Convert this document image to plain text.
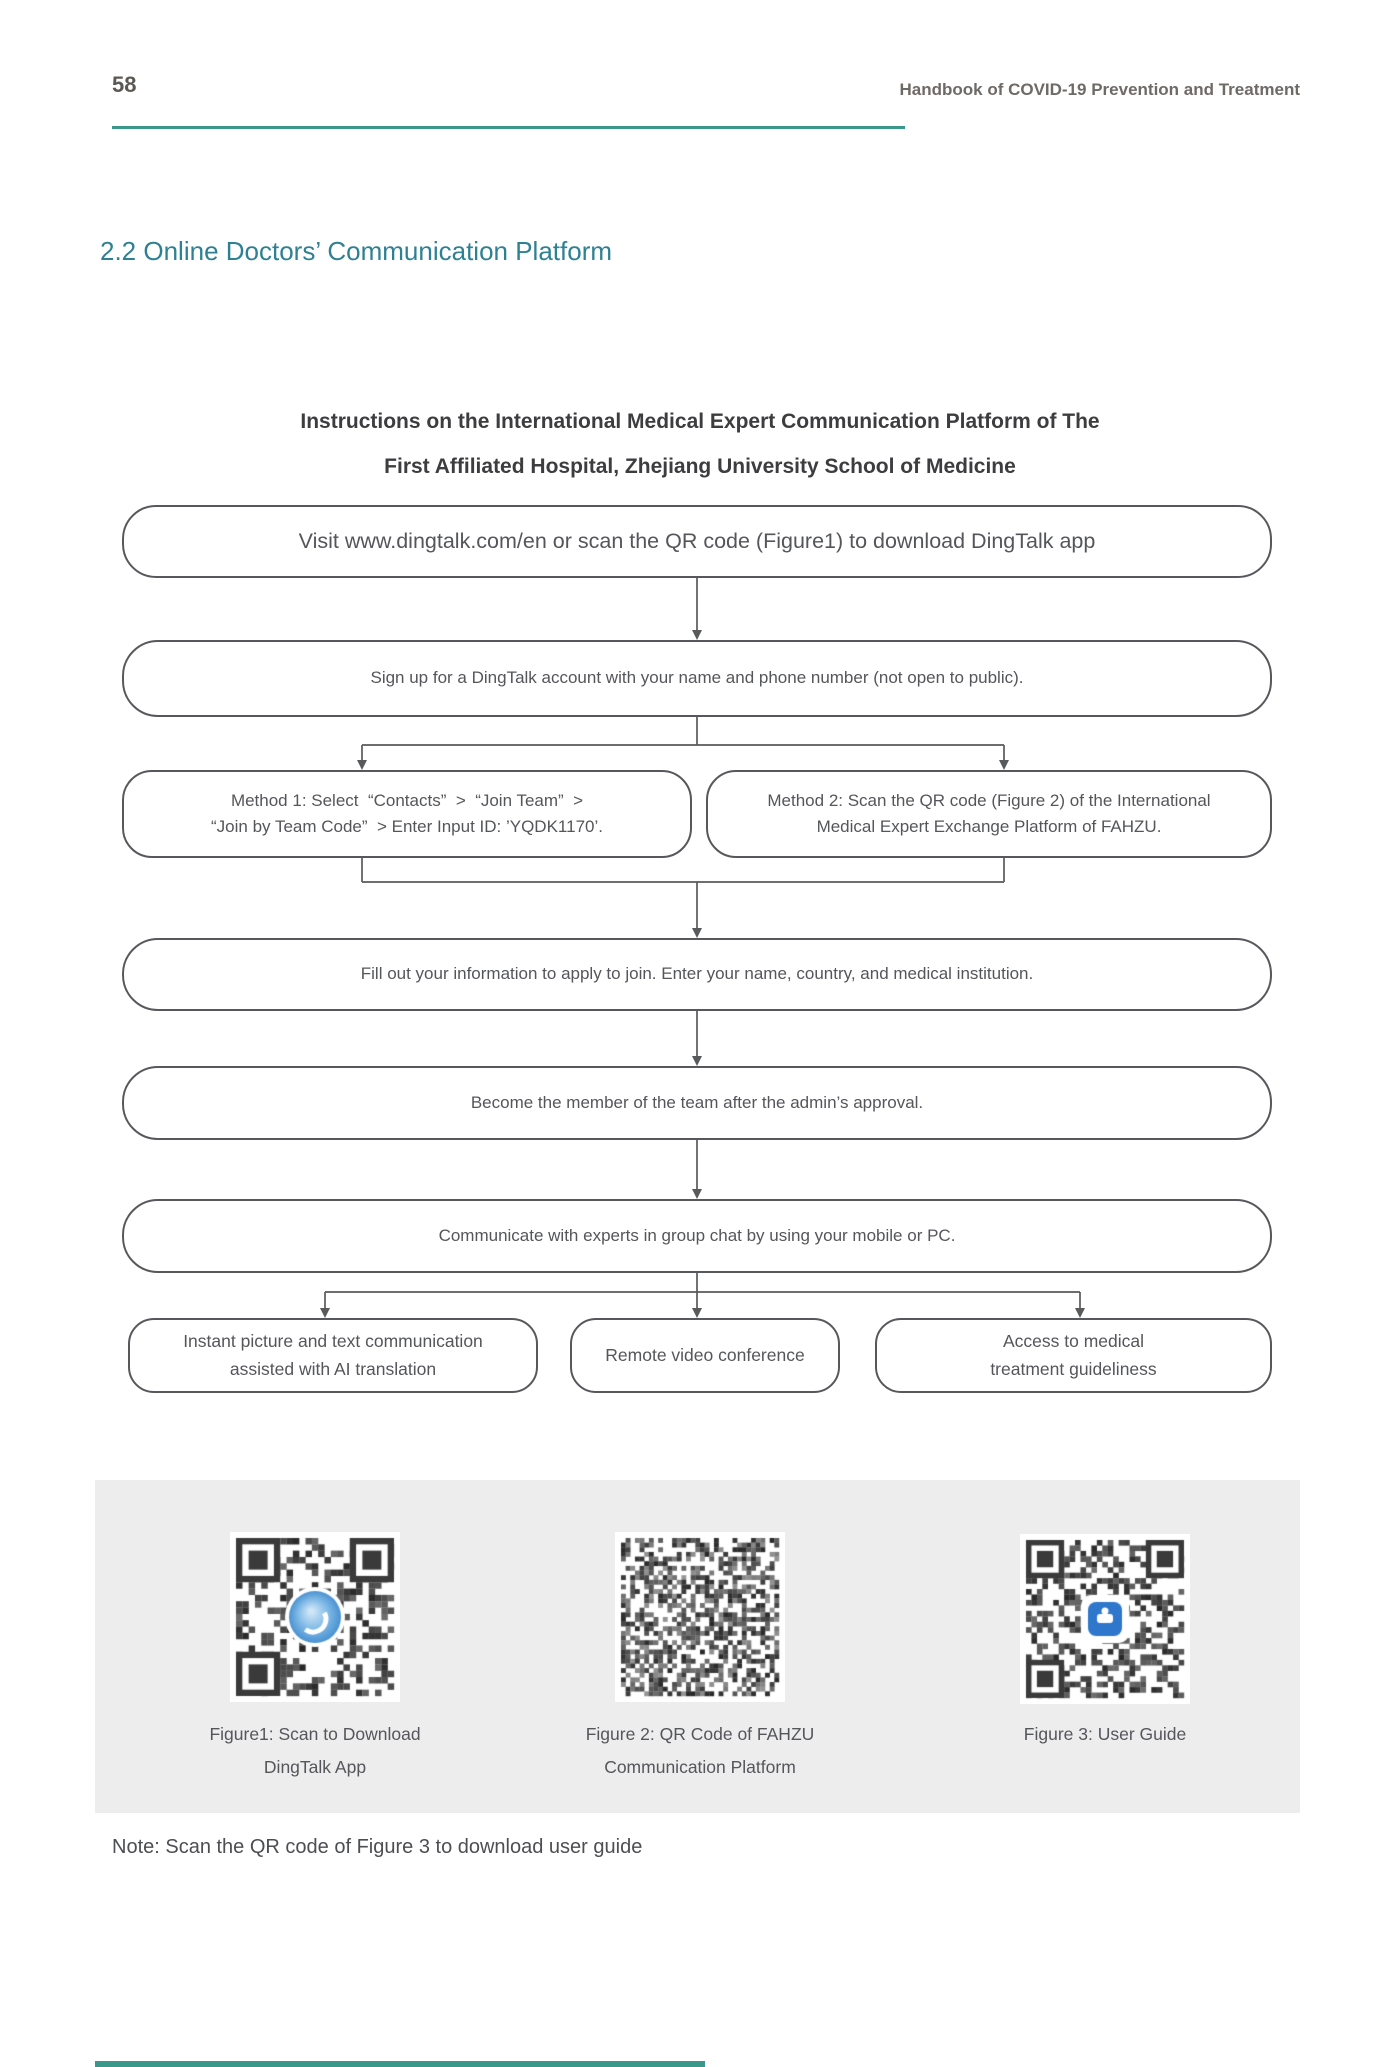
58	Handbook of COVID-19 Prevention and Treatment
2.2 Online Doctors’ Communication Platform
Instructions on the International Medical Expert Communication Platform of The
First Affiliated Hospital, Zhejiang University School of Medicine
Visit www.dingtalk.com/en or scan the QR code (Figure1) to download DingTalk app
Sign up for a DingTalk account with your name and phone number (not open to public).
Method 1: Select  “Contacts”  >  “Join Team”  >
“Join by Team Code”  > Enter Input ID: ’YQDK1170’.
Method 2: Scan the QR code (Figure 2) of the International
Medical Expert Exchange Platform of FAHZU.
Fill out your information to apply to join. Enter your name, country, and medical institution.
Become the member of the team after the admin’s approval.
Communicate with experts in group chat by using your mobile or PC.
Instant picture and text communication
assisted with AI translation
Remote video conference
Access to medical
treatment guideliness
Figure1: Scan to Download
DingTalk App
Figure 2: QR Code of FAHZU
Communication Platform
Figure 3: User Guide
Note: Scan the QR code of Figure 3 to download user guide
